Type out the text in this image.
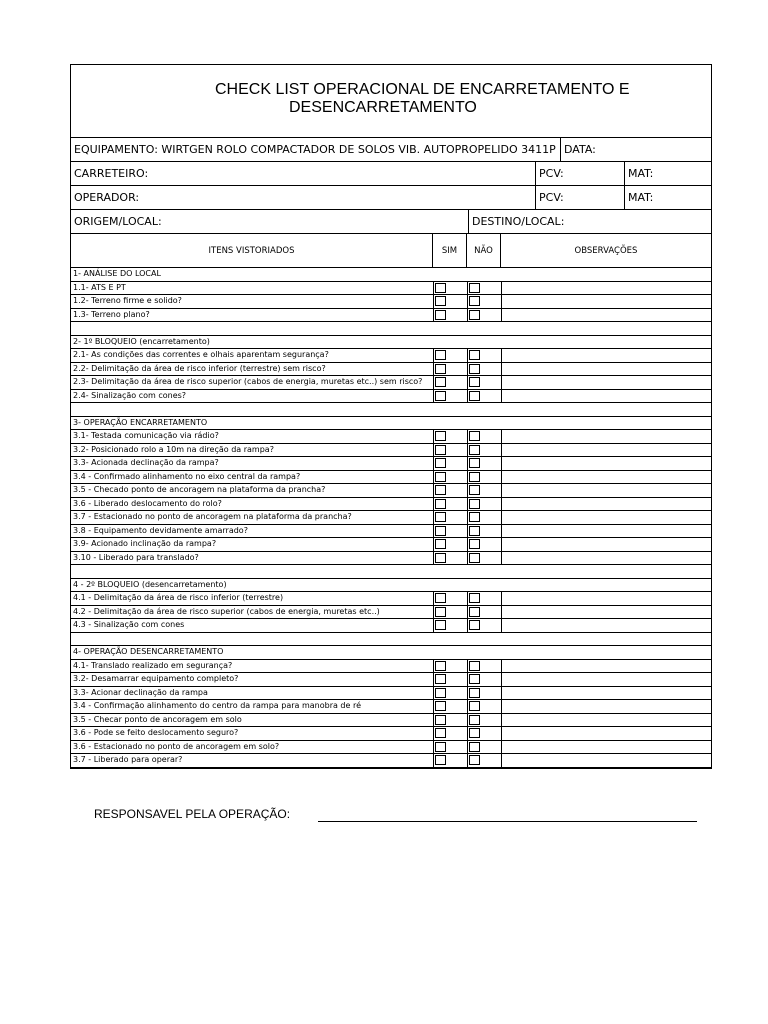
CHECK LIST OPERACIONAL DE ENCARRETAMENTO E
DESENCARRETAMENTO
EQUIPAMENTO: WIRTGEN ROLO COMPACTADOR DE SOLOS VIB. AUTOPROPELIDO 3411P DATA:
CARRETEIRO:	PCV:	MAT:
OPERADOR:	PCV:	MAT:
ORIGEM/LOCAL:	DESTINO/LOCAL:
ITENS VISTORIADOS	SIM	NÃO	OBSERVAÇÕES
1- ANÁLISE DO LOCAL
1.1- ATS E PT
1.2- Terreno firme e solido?
1.3- Terreno plano?
2- 1º BLOQUEIO (encarretamento)
2.1- As condições das correntes e olhais aparentam segurança?
2.2- Delimitação da área de risco inferior (terrestre) sem risco?
2.3- Delimitação da área de risco superior (cabos de energia, muretas etc..) sem risco?
2.4- Sinalização com cones?
3- OPERAÇÃO ENCARRETAMENTO
3.1- Testada comunicação via rádio?
3.2- Posicionado rolo a 10m na direção da rampa?
3.3- Acionada declinação da rampa?
3.4 - Confirmado alinhamento no eixo central da rampa?
3.5 - Checado ponto de ancoragem na plataforma da prancha?
3.6 - Liberado deslocamento do rolo?
3.7 - Estacionado no ponto de ancoragem na plataforma da prancha?
3.8 - Equipamento devidamente amarrado?
3.9- Acionado inclinação da rampa?
3.10 - Liberado para translado?
4 - 2º BLOQUEIO (desencarretamento)
4.1 - Delimitação da área de risco inferior (terrestre)
4.2 - Delimitação da área de risco superior (cabos de energia, muretas etc..)
4.3 - Sinalização com cones
4- OPERAÇÃO DESENCARRETAMENTO
4.1- Translado realizado em segurança?
3.2- Desamarrar equipamento completo?
3.3- Acionar declinação da rampa
3.4 - Confirmação alinhamento do centro da rampa para manobra de ré
3.5 - Checar ponto de ancoragem em solo
3.6 - Pode se feito deslocamento seguro?
3.6 - Estacionado no ponto de ancoragem em solo?
3.7 - Liberado para operar?
RESPONSAVEL PELA OPERAÇÃO:
